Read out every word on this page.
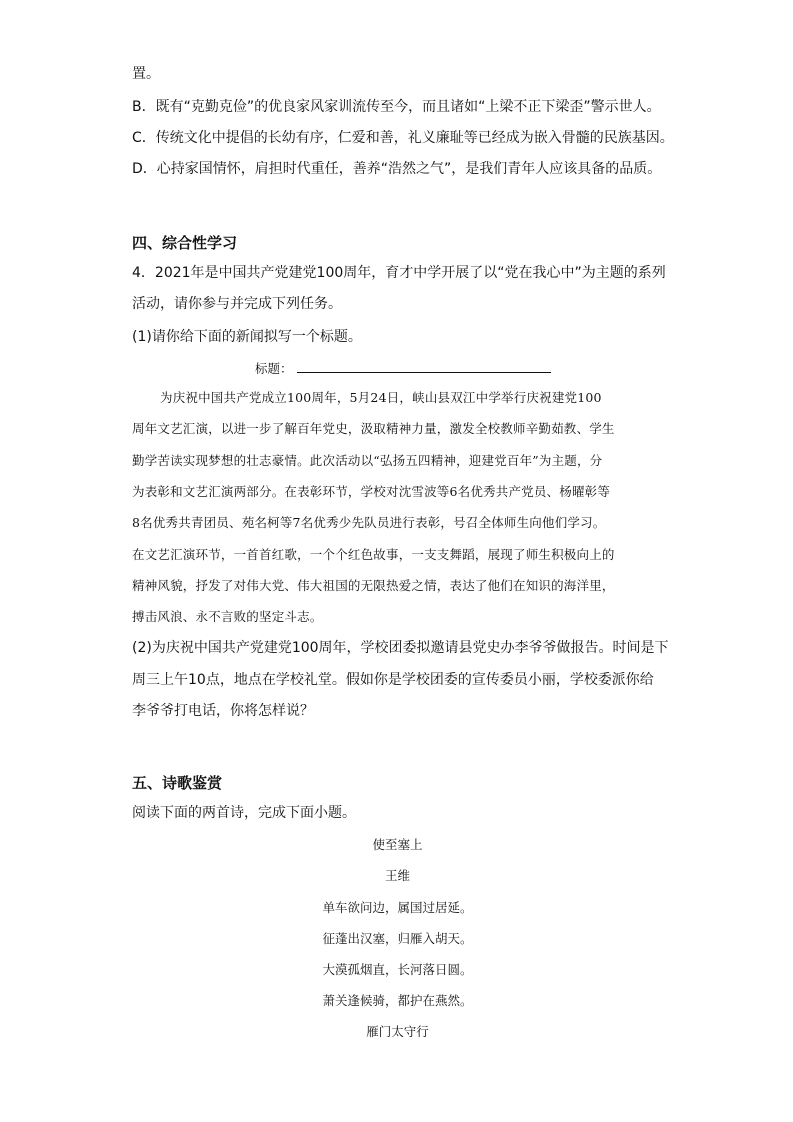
置。
B．既有“克勤克俭”的优良家风家训流传至今，而且诸如“上梁不正下梁歪”警示世人。
C．传统文化中提倡的长幼有序，仁爱和善，礼义廉耻等已经成为嵌入骨髓的民族基因。
D．心持家国情怀，肩担时代重任，善养“浩然之气”，是我们青年人应该具备的品质。
四、综合性学习
4．2021年是中国共产党建党100周年，育才中学开展了以“党在我心中”为主题的系列
活动，请你参与并完成下列任务。
(1)请你给下面的新闻拟写一个标题。
标题：
为庆祝中国共产党成立100周年，5月24日，峡山县双江中学举行庆祝建党100
周年文艺汇演，以进一步了解百年党史，汲取精神力量，激发全校教师辛勤茹教、学生
勤学苦读实现梦想的壮志豪情。此次活动以“弘扬五四精神，迎建党百年”为主题，分
为表彰和文艺汇演两部分。在表彰环节，学校对沈雪波等6名优秀共产党员、杨曜彰等
8名优秀共青团员、苑名柯等7名优秀少先队员进行表彰，号召全体师生向他们学习。
在文艺汇演环节，一首首红歌，一个个红色故事，一支支舞蹈，展现了师生积极向上的
精神风貌，抒发了对伟大党、伟大祖国的无限热爱之情，表达了他们在知识的海洋里，
搏击风浪、永不言败的坚定斗志。
(2)为庆祝中国共产党建党100周年，学校团委拟邀请县党史办李爷爷做报告。时间是下
周三上午10点，地点在学校礼堂。假如你是学校团委的宣传委员小丽，学校委派你给
李爷爷打电话，你将怎样说？
五、诗歌鉴赏
阅读下面的两首诗，完成下面小题。
使至塞上
王维
单车欲问边，属国过居延。
征蓬出汉塞，归雁入胡天。
大漠孤烟直，长河落日圆。
萧关逢候骑，都护在燕然。
雁门太守行
